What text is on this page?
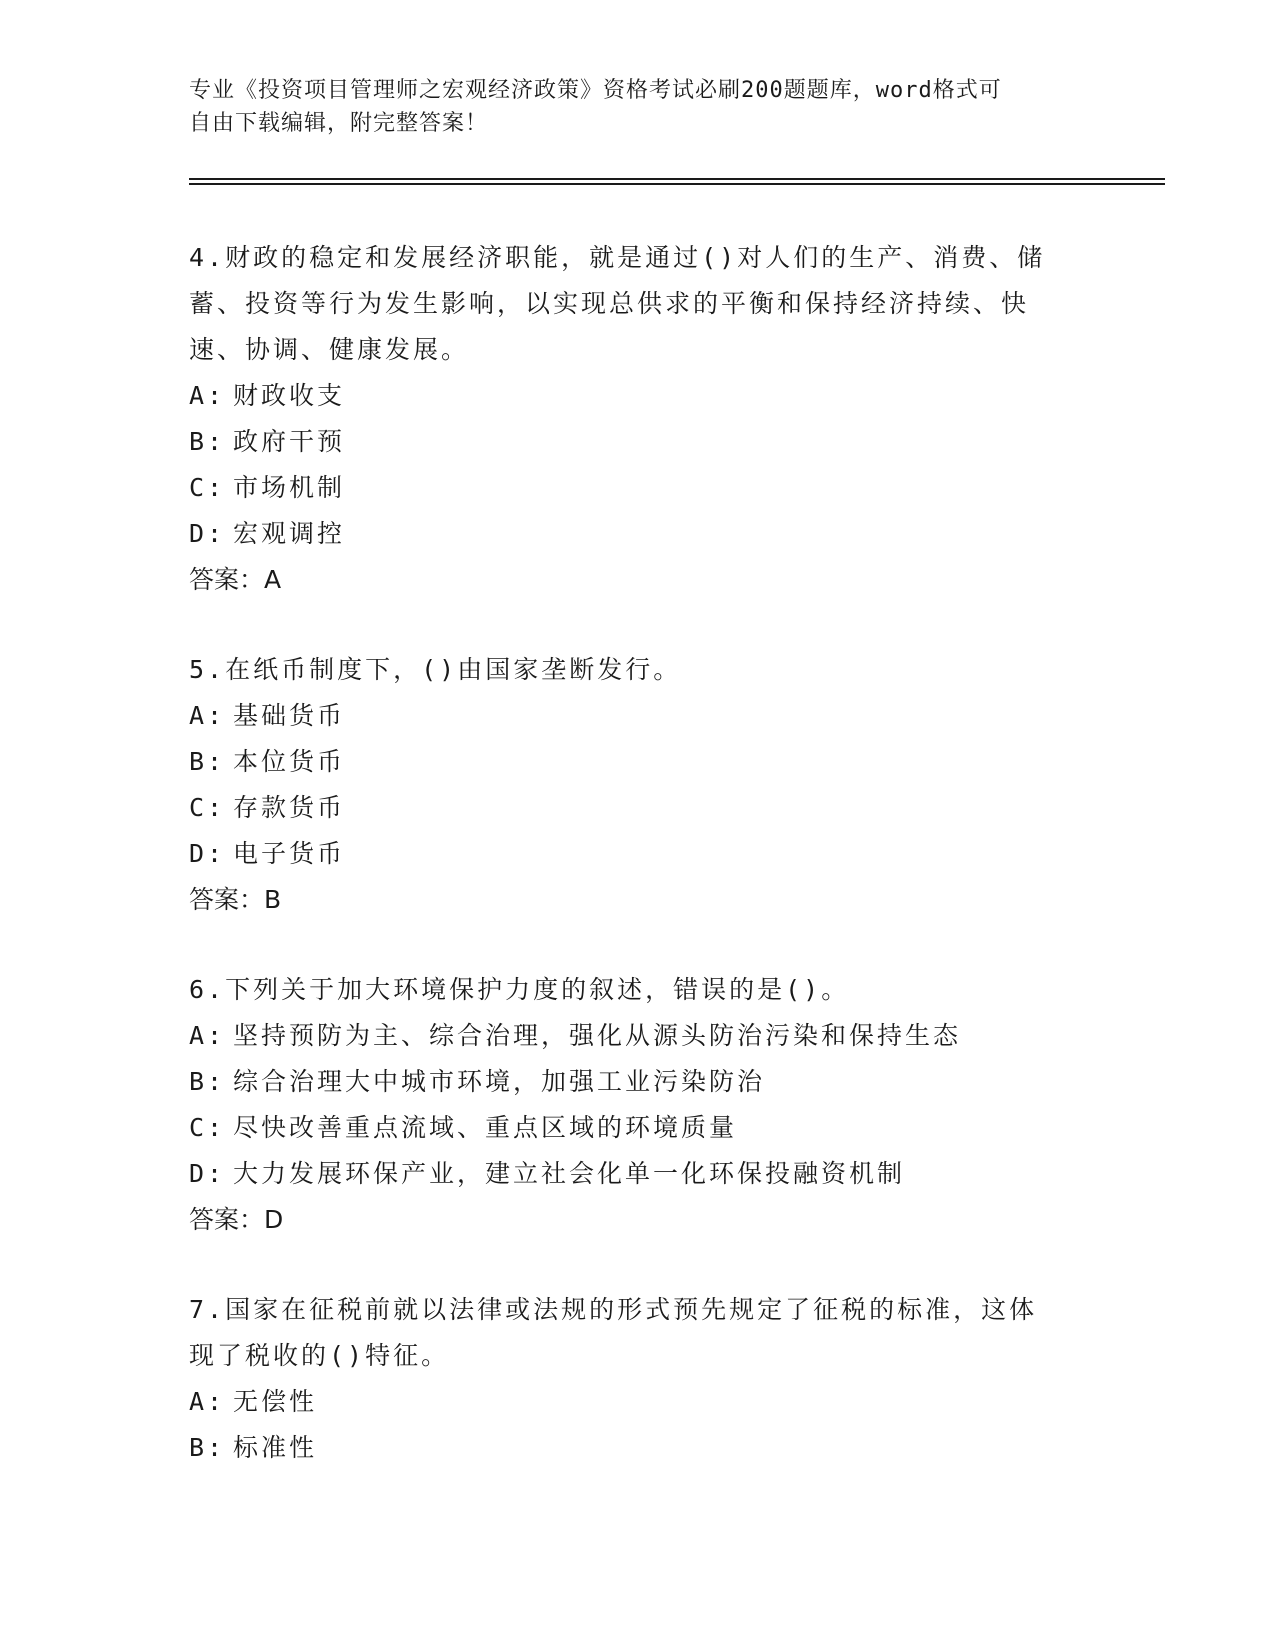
专业《投资项目管理师之宏观经济政策》资格考试必刷200题题库，word格式可
自由下载编辑，附完整答案！
4.财政的稳定和发展经济职能，就是通过()对人们的生产、消费、储
蓄、投资等行为发生影响，以实现总供求的平衡和保持经济持续、快
速、协调、健康发展。
A: 财政收支
B: 政府干预
C: 市场机制
D: 宏观调控
答案：A
5.在纸币制度下，()由国家垄断发行。
A: 基础货币
B: 本位货币
C: 存款货币
D: 电子货币
答案：B
6.下列关于加大环境保护力度的叙述，错误的是()。
A: 坚持预防为主、综合治理，强化从源头防治污染和保持生态
B: 综合治理大中城市环境，加强工业污染防治
C: 尽快改善重点流域、重点区域的环境质量
D: 大力发展环保产业，建立社会化单一化环保投融资机制
答案：D
7.国家在征税前就以法律或法规的形式预先规定了征税的标准，这体
现了税收的()特征。
A: 无偿性
B: 标准性
